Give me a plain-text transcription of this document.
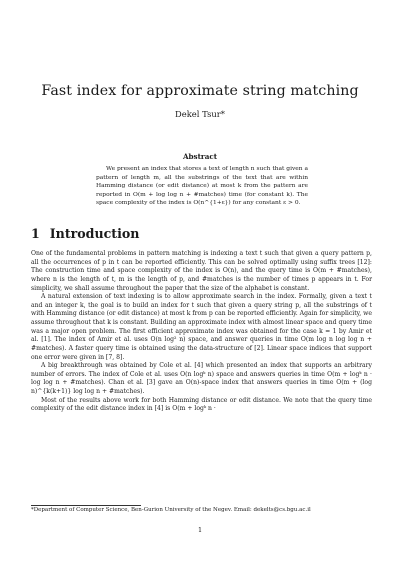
Fast index for approximate string matching
Dekel Tsur*
Abstract

We present an index that stores a text of length n such that given a pattern of length m, all the substrings of the text that are within Hamming distance (or edit distance) at most k from the pattern are reported in O(m + log log n + #matches) time (for constant k). The space complexity of the index is O(n^{1+ε}) for any constant ε > 0.

1 Introduction

One of the fundamental problems in pattern matching is indexing a text t such that given a query pattern p, all the occurrences of p in t can be reported efficiently. This can be solved optimally using suffix trees [12]: The construction time and space complexity of the index is O(n), and the query time is O(m + #matches), where n is the length of t, m is the length of p, and #matches is the number of times p appears in t. For simplicity, we shall assume throughout the paper that the size of the alphabet is constant.

A natural extension of text indexing is to allow approximate search in the index. Formally, given a text t and an integer k, the goal is to build an index for t such that given a query string p, all the substrings of t with Hamming distance (or edit distance) at most k from p can be reported efficiently. Again for simplicity, we assume throughout that k is constant. Building an approximate index with almost linear space and query time was a major open problem. The first efficient approximate index was obtained for the case k = 1 by Amir et al. [1]. The index of Amir et al. uses O(n log² n) space, and answer queries in time O(m log n log log n + #matches). A faster query time is obtained using the data-structure of [2]. Linear space indices that support one error were given in [7, 8].

A big breakthrough was obtained by Cole et al. [4] which presented an index that supports an arbitrary number of errors. The index of Cole et al. uses O(n logᵏ n) space and answers queries in time O(m + logᵏ n · log log n + #matches). Chan et al. [3] gave an O(n)-space index that answers queries in time O(m + (log n)^{k(k+1)} log log n + #matches).

Most of the results above work for both Hamming distance or edit distance. We note that the query time complexity of the edit distance index in [4] is O(m + logᵏ n ·

*Department of Computer Science, Ben-Gurion University of the Negev. Email: dekelts@cs.bgu.ac.il
1
